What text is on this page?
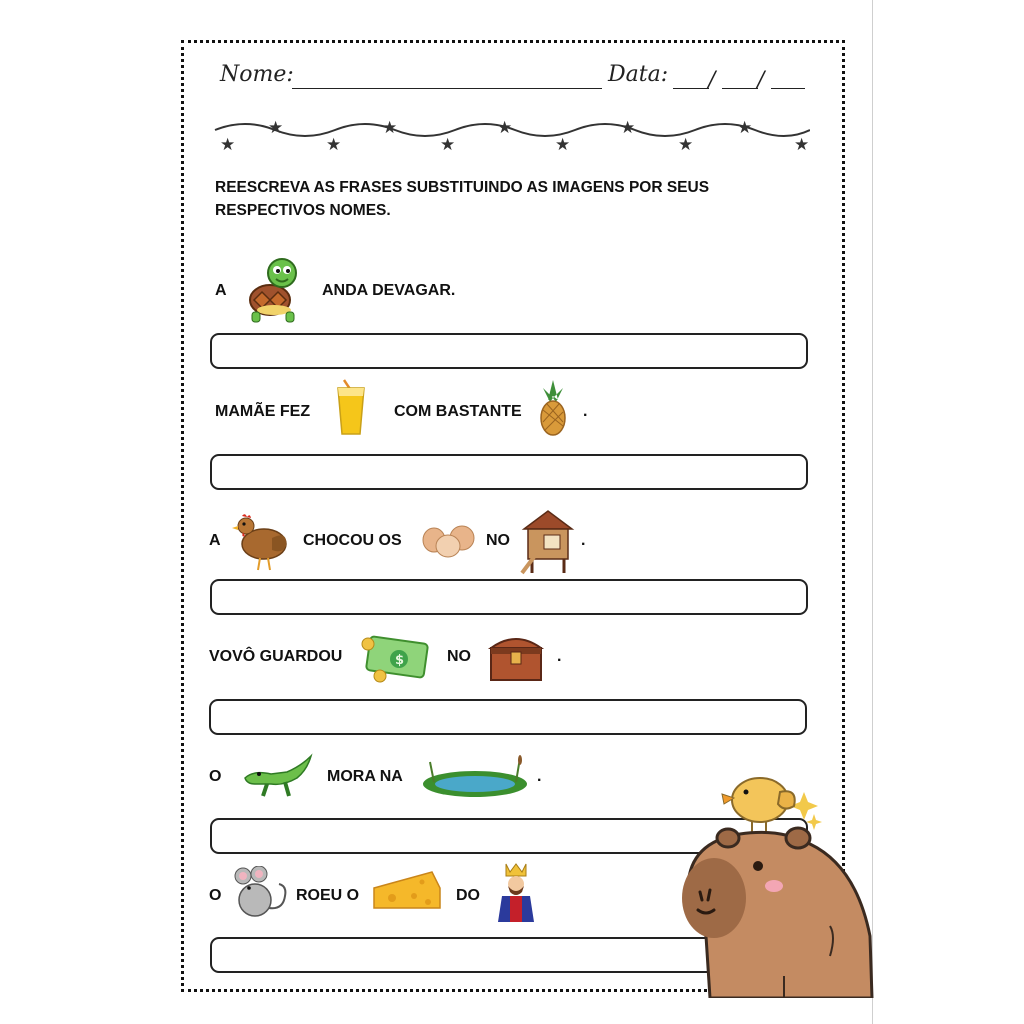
Nome:	Data: / /
★	★	★	★	★
★	★	★	★	★	★
REESCREVA AS FRASES SUBSTITUINDO AS IMAGENS POR SEUS RESPECTIVOS NOMES.
A	ANDA DEVAGAR.
MAMÃE FEZ	COM BASTANTE	.
A	CHOCOU OS	NO	.
VOVÔ GUARDOU	$	NO	.
O	MORA NA	.
O	ROEU O	DO
